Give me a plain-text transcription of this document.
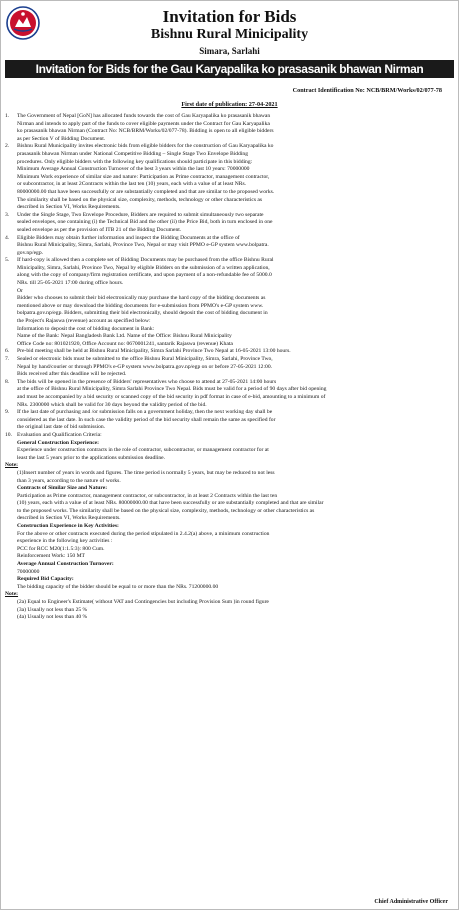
Invitation for Bids
Bishnu Rural Minicipality
Simara, Sarlahi
Invitation for Bids for the Gau Karyapalika ko prasasanik bhawan Nirman
Contract Identification No: NCB/BRM/Works/02/077-78
First date of publication: 27-04-2021
1.	The Government of Nepal [GoN] has allocated funds towards the cost of Gau Karyapalika ko prasasanik bhawan

Nirman and intends to apply part of the funds to cover eligible payments under the Contract for Gau Karyapalika

ko prasasanik bhawan Nirman (Contract No: NCB/BRM/Works/02/077-78). Bidding is open to all eligible bidders

as per Section V of Bidding Document.

2.	Bishnu Rural Municipality invites electronic bids from eligible bidders for the construction of Gau Karyapalika ko

prasasanik bhawan Nirman under National Competitive Bidding – Single Stage Two Envelope Bidding

procedures. Only eligible bidders with the following key qualifications should participate in this bidding:

Minimum Average Annual Construction Turnover of the best 3 years within the last 10 years: 70000000

Minimum Work experience of similar size and nature: Participation as Prime contractor, management contractor,

or subcontractor, in at least 2Contracts within the last ten (10) years, each with a value of at least NRs.

80000000.00 that have been successfully or are substantially completed and that are similar to the proposed works.

The similarity shall be based on the physical size, complexity, methods, technology or other characteristics as

described in Section VI, Works Requirements.

3.	Under the Single Stage, Two Envelope Procedure, Bidders are required to submit simultaneously two separate

sealed envelopes, one containing (i) the Technical Bid and the other (ii) the Price Bid, both in turn enclosed in one

sealed envelope as per the provision of ITB 21 of the Bidding Document.

4.	Eligible Bidders may obtain further information and inspect the Bidding Documents at the office of

Bishnu Rural Minicipality, Simra, Sarlahi, Province Two, Nepal or may visit PPMO e-GP system www.bolpatra.

gov.np/egp.

5.	If hard-copy is allowed then a complete set of Bidding Documents may be purchased from the office Bishnu Rural

Minicipality, Simra, Sarlahi, Province Two, Nepal by eligible Bidders on the submission of a written application,

along with the copy of company/firm registration certificate, and upon payment of a non-refundable fee of 5000.0

NRs. till 25-05-2021 17:00 during office hours.

Or

Bidder who chooses to submit their bid electronically may purchase the hard copy of the bidding documents as

mentioned above or may download the bidding documents for e-submission from PPMO's e-GP system www.

bolpatra.gov.np/egp. Bidders, submitting their bid electronically, should deposit the cost of bidding document in

the Project's Rajaswa (revenue) account as specified below:

Information to deposit the cost of bidding document in Bank:

Name of the Bank: Nepal Bangladesh Bank Ltd. Name of the Office: Bishnu Rural Minicipality

Office Code no: 801021920, Office Account no: 0670001241, santarik Rajaswa (revenue) Khata

6.	Pre-bid meeting shall be held at Bishnu Rural Minicipality, Simra Sarlahi Province Two Nepal at 16-05-2021 13:00 hours.

7.	Sealed or electronic bids must be submitted to the office Bishnu Rural Minicipality, Simra, Sarlahi, Province Two,

Nepal by hand/courier or through PPMO's e-GP system www.bolpatra.gov.np/egp on or before 27-05-2021 12:00.

Bids received after this deadline will be rejected.

8.	The bids will be opened in the presence of Bidders' representatives who choose to attend at 27-05-2021 14:00 hours

at the office of Bishnu Rural Minicipality, Simra Sarlahi Province Two Nepal. Bids must be valid for a period of 90 days after bid opening

and must be accompanied by a bid security or scanned copy of the bid security in pdf format in case of e-bid, amounting to a minimum of

NRs. 2300000 which shall be valid for 30 days beyond the validity period of the bid.

9.	If the last date of purchasing and /or submission falls on a government holiday, then the next working day shall be

considered as the last date. In such case the validity period of the bid security shall remain the same as specified for

the original last date of bid submission.

10. Evaluation and Qualification Criteria:

General Construction Experience:

Experience under construction contracts in the role of contractor, subcontractor, or management contractor for at

least the last 5 years prior to the applications submission deadline.

Note:

(1)Insert number of years in words and figures. The time period is normally 5 years, but may be reduced to not less

than 3 years, according to the nature of works.

Contracts of Similar Size and Nature:

Participation as Prime contractor, management contractor, or subcontractor, in at least 2 Contracts within the last ten

(10) years, each with a value of at least NRs. 80000000.00 that have been successfully or are substantially completed and that are similar

to the proposed works. The similarity shall be based on the physical size, complexity, methods, technology or other characteristics as

described in Section VI, Works Requirements.

Construction Experience in Key Activities:

For the above or other contracts executed during the period stipulated in 2.4.2(a) above, a minimum construction

experience in the following key activities :

PCC for RCC M20(1:1.5:3): 800 Cum.

Reinforcement Work: 150 MT

Average Annual Construction Turnover:

70000000

Required Bid Capacity:

The bidding capacity of the bidder should be equal to or more than the NRs. 71200000.00

Note:

(2a) Equal to Engineer's Estimate( without VAT and Contingencies but including Provision Sum )in round figure

(3a) Usually not less than 25 %

(4a) Usually not less than 40 %

Chief Administrative Officer
